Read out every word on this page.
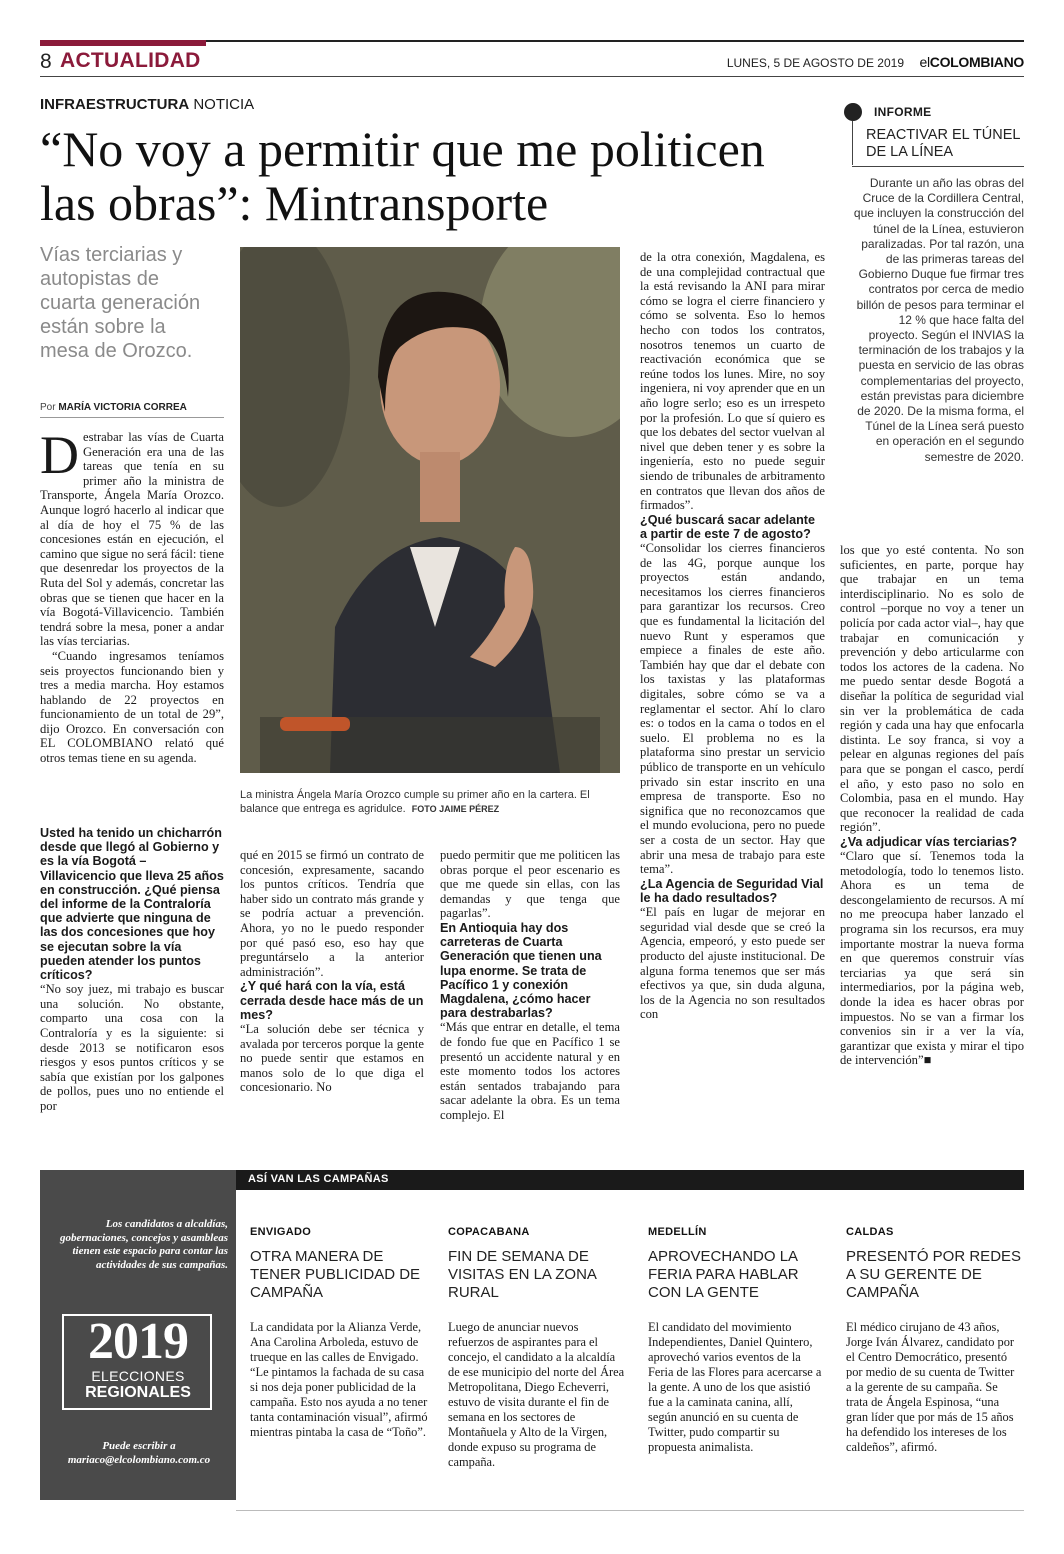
8 ACTUALIDAD	LUNES, 5 DE AGOSTO DE 2019 elCOLOMBIANO
INFRAESTRUCTURA NOTICIA
“No voy a permitir que me politicen las obras”: Mintransporte
Vías terciarias y autopistas de cuarta generación están sobre la mesa de Orozco.
Por MARÍA VICTORIA CORREA
D estrabar las vías de Cuarta Generación era una de las tareas que tenía en su primer año la ministra de Transporte, Ángela María Orozco. Aunque logró hacerlo al indicar que al día de hoy el 75 % de las concesiones están en ejecución, el camino que sigue no será fácil: tiene que desenredar los proyectos de la Ruta del Sol y además, concretar las obras que se tienen que hacer en la vía Bogotá-Villavicencio. También tendrá sobre la mesa, poner a andar las vías terciarias.

“Cuando ingresamos teníamos seis proyectos funcionando bien y tres a media marcha. Hoy estamos hablando de 22 proyectos en funcionamiento de un total de 29”, dijo Orozco. En conversación con EL COLOMBIANO relató qué otros temas tiene en su agenda.

Usted ha tenido un chicharrón desde que llegó al Gobierno y es la vía Bogotá – Villavicencio que lleva 25 años en construcción. ¿Qué piensa del informe de la Contraloría que advierte que ninguna de las dos concesiones que hoy se ejecutan sobre la vía pueden atender los puntos críticos?

“No soy juez, mi trabajo es buscar una solución. No obstante, comparto una cosa con la Contraloría y es la siguiente: si desde 2013 se notificaron esos riesgos y esos puntos críticos y se sabía que existían por los galpones de pollos, pues uno no entiende el por

La ministra Ángela María Orozco cumple su primer año en la cartera. El balance que entrega es agridulce. FOTO JAIME PÉREZ

qué en 2015 se firmó un contrato de concesión, expresamente, sacando los puntos críticos. Tendría que haber sido un contrato más grande y se podría actuar a prevención. Ahora, yo no le puedo responder por qué pasó eso, eso hay que preguntárselo a la anterior administración”.

¿Y qué hará con la vía, está cerrada desde hace más de un mes?

“La solución debe ser técnica y avalada por terceros porque la gente no puede sentir que estamos en manos solo de lo que diga el concesionario. No

puedo permitir que me politicen las obras porque el peor escenario es que me quede sin ellas, con las demandas y que tenga que pagarlas”.

En Antioquia hay dos carreteras de Cuarta Generación que tienen una lupa enorme. Se trata de Pacífico 1 y conexión Magdalena, ¿cómo hacer para destrabarlas?

“Más que entrar en detalle, el tema de fondo fue que en Pacífico 1 se presentó un accidente natural y en este momento todos los actores están sentados trabajando para sacar adelante la obra. Es un tema complejo. El

de la otra conexión, Magdalena, es de una complejidad contractual que la está revisando la ANI para mirar cómo se logra el cierre financiero y cómo se solventa. Eso lo hemos hecho con todos los contratos, nosotros tenemos un cuarto de reactivación económica que se reúne todos los lunes. Mire, no soy ingeniera, ni voy aprender que en un año logre serlo; eso es un irrespeto por la profesión. Lo que sí quiero es que los debates del sector vuelvan al nivel que deben tener y es sobre la ingeniería, esto no puede seguir siendo de tribunales de arbitramento en contratos que llevan dos años de firmados”.

¿Qué buscará sacar adelante a partir de este 7 de agosto?

“Consolidar los cierres financieros de las 4G, porque aunque los proyectos están andando, necesitamos los cierres financieros para garantizar los recursos. Creo que es fundamental la licitación del nuevo Runt y esperamos que empiece a finales de este año. También hay que dar el debate con los taxistas y las plataformas digitales, sobre cómo se va a reglamentar el sector. Ahí lo claro es: o todos en la cama o todos en el suelo. El problema no es la plataforma sino prestar un servicio público de transporte en un vehículo privado sin estar inscrito en una empresa de transporte. Eso no significa que no reconozcamos que el mundo evoluciona, pero no puede ser a costa de un sector. Hay que abrir una mesa de trabajo para este tema”.

¿La Agencia de Seguridad Vial le ha dado resultados?

“El país en lugar de mejorar en seguridad vial desde que se creó la Agencia, empeoró, y esto puede ser producto del ajuste institucional. De alguna forma tenemos que ser más efectivos ya que, sin duda alguna, los de la Agencia no son resultados con

INFORME
REACTIVAR EL TÚNEL DE LA LÍNEA
Durante un año las obras del Cruce de la Cordillera Central, que incluyen la construcción del túnel de la Línea, estuvieron paralizadas. Por tal razón, una de las primeras tareas del Gobierno Duque fue firmar tres contratos por cerca de medio billón de pesos para terminar el 12 % que hace falta del proyecto. Según el INVIAS la terminación de los trabajos y la puesta en servicio de las obras complementarias del proyecto, están previstas para diciembre de 2020. De la misma forma, el Túnel de la Línea será puesto en operación en el segundo semestre de 2020.

los que yo esté contenta. No son suficientes, en parte, porque hay que trabajar en un tema interdisciplinario. No es solo de control –porque no voy a tener un policía por cada actor vial–, hay que trabajar en comunicación y prevención y debo articularme con todos los actores de la cadena. No me puedo sentar desde Bogotá a diseñar la política de seguridad vial sin ver la problemática de cada región y cada una hay que enfocarla distinta. Le soy franca, si voy a pelear en algunas regiones del país para que se pongan el casco, perdí el año, y esto paso no solo en Colombia, pasa en el mundo. Hay que reconocer la realidad de cada región”.

¿Va adjudicar vías terciarias?

“Claro que sí. Tenemos toda la metodología, todo lo tenemos listo. Ahora es un tema de descongelamiento de recursos. A mí no me preocupa haber lanzado el programa sin los recursos, era muy importante mostrar la nueva forma en que queremos construir vías terciarias ya que será sin intermediarios, por la página web, donde la idea es hacer obras por impuestos. No se van a firmar los convenios sin ir a ver la vía, garantizar que exista y mirar el tipo de intervención”■

Los candidatos a alcaldías, gobernaciones, concejos y asambleas tienen este espacio para contar las actividades de sus campañas.
2019
ELECCIONES
REGIONALES
Puede escribir a mariaco@elcolombiano.com.co
ASÍ VAN LAS CAMPAÑAS
ENVIGADO
OTRA MANERA DE TENER PUBLICIDAD DE CAMPAÑA
La candidata por la Alianza Verde, Ana Carolina Arboleda, estuvo de trueque en las calles de Envigado. “Le pintamos la fachada de su casa si nos deja poner publicidad de la campaña. Esto nos ayuda a no tener tanta contaminación visual”, afirmó mientras pintaba la casa de “Toño”.
COPACABANA
FIN DE SEMANA DE VISITAS EN LA ZONA RURAL
Luego de anunciar nuevos refuerzos de aspirantes para el concejo, el candidato a la alcaldía de ese municipio del norte del Área Metropolitana, Diego Echeverri, estuvo de visita durante el fin de semana en los sectores de Montañuela y Alto de la Virgen, donde expuso su programa de campaña.
MEDELLÍN
APROVECHANDO LA FERIA PARA HABLAR CON LA GENTE
El candidato del movimiento Independientes, Daniel Quintero, aprovechó varios eventos de la Feria de las Flores para acercarse a la gente. A uno de los que asistió fue a la caminata canina, allí, según anunció en su cuenta de Twitter, pudo compartir su propuesta animalista.
CALDAS
PRESENTÓ POR REDES A SU GERENTE DE CAMPAÑA
El médico cirujano de 43 años, Jorge Iván Álvarez, candidato por el Centro Democrático, presentó por medio de su cuenta de Twitter a la gerente de su campaña. Se trata de Ángela Espinosa, “una gran líder que por más de 15 años ha defendido los intereses de los caldeños”, afirmó.
